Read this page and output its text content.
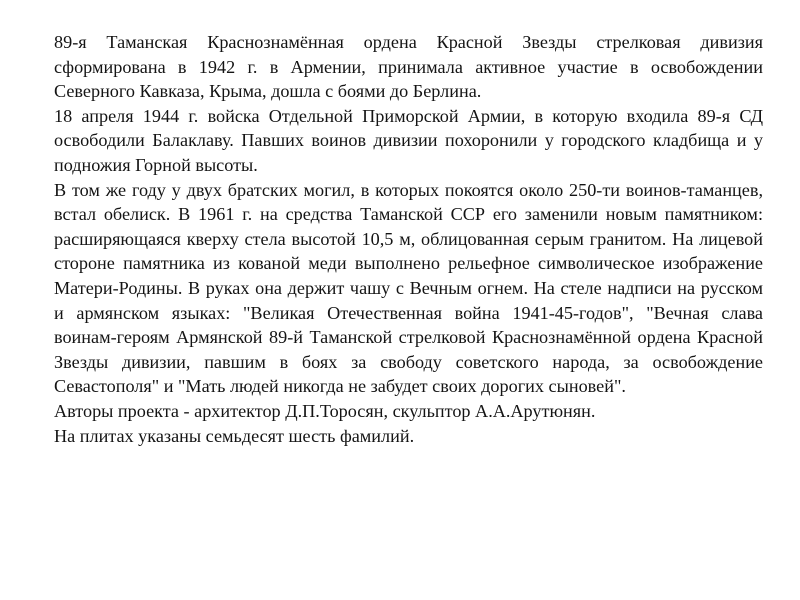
89-я Таманская Краснознамённая ордена Красной Звезды стрелковая дивизия сформирована в 1942 г. в Армении, принимала активное участие в освобождении Северного Кавказа, Крыма, дошла с боями до Берлина.

18 апреля 1944 г. войска Отдельной Приморской Армии, в которую входила 89-я СД освободили Балаклаву. Павших воинов дивизии похоронили у городского кладбища и у подножия Горной высоты.

В том же году у двух братских могил, в которых покоятся около 250-ти воинов-таманцев, встал обелиск. В 1961 г. на средства Таманской ССР его заменили новым памятником: расширяющаяся кверху стела высотой 10,5 м, облицованная серым гранитом. На лицевой стороне памятника из кованой меди выполнено рельефное символическое изображение Матери-Родины. В руках она держит чашу с Вечным огнем. На стеле надписи на русском и армянском языках: "Великая Отечественная война 1941-45-годов", "Вечная слава воинам-героям Армянской 89-й Таманской стрелковой Краснознамённой ордена Красной Звезды дивизии, павшим в боях за свободу советского народа, за освобождение Севастополя" и "Мать людей никогда не забудет своих дорогих сыновей".

Авторы проекта - архитектор Д.П.Торосян, скульптор А.А.Арутюнян.

На плитах указаны семьдесят шесть фамилий.
